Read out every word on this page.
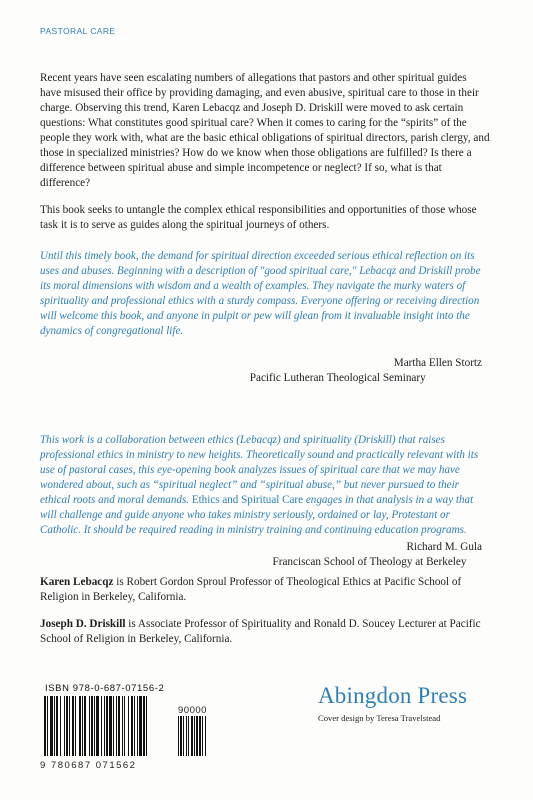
PASTORAL CARE

Recent years have seen escalating numbers of allegations that pastors and other spiritual guides have misused their office by providing damaging, and even abusive, spiritual care to those in their charge. Observing this trend, Karen Lebacqz and Joseph D. Driskill were moved to ask certain questions: What constitutes good spiritual care? When it comes to caring for the “spirits” of the people they work with, what are the basic ethical obligations of spiritual directors, parish clergy, and those in specialized ministries? How do we know when those obligations are fulfilled? Is there a difference between spiritual abuse and simple incompetence or neglect? If so, what is that difference?

This book seeks to untangle the complex ethical responsibilities and opportunities of those whose task it is to serve as guides along the spiritual journeys of others.

Until this timely book, the demand for spiritual direction exceeded serious ethical reflection on its uses and abuses. Beginning with a description of "good spiritual care," Lebacqz and Driskill probe its moral dimensions with wisdom and a wealth of examples. They navigate the murky waters of spirituality and professional ethics with a sturdy compass. Everyone offering or receiving direction will welcome this book, and anyone in pulpit or pew will glean from it invaluable insight into the dynamics of congregational life.
Martha Ellen Stortz
Pacific Lutheran Theological Seminary
This work is a collaboration between ethics (Lebacqz) and spirituality (Driskill) that raises professional ethics in ministry to new heights. Theoretically sound and practically relevant with its use of pastoral cases, this eye-opening book analyzes issues of spiritual care that we may have wondered about, such as “spiritual neglect” and “spiritual abuse,” but never pursued to their ethical roots and moral demands. Ethics and Spiritual Care engages in that analysis in a way that will challenge and guide anyone who takes ministry seriously, ordained or lay, Protestant or Catholic. It should be required reading in ministry training and continuing education programs.
Richard M. Gula
Franciscan School of Theology at Berkeley
Karen Lebacqz is Robert Gordon Sproul Professor of Theological Ethics at Pacific School of Religion in Berkeley, California.
Joseph D. Driskill is Associate Professor of Spirituality and Ronald D. Soucey Lecturer at Pacific School of Religion in Berkeley, California.
ISBN 978-0-687-07156-2
90000
9 780687 071562
Abingdon Press
Cover design by Teresa Travelstead
